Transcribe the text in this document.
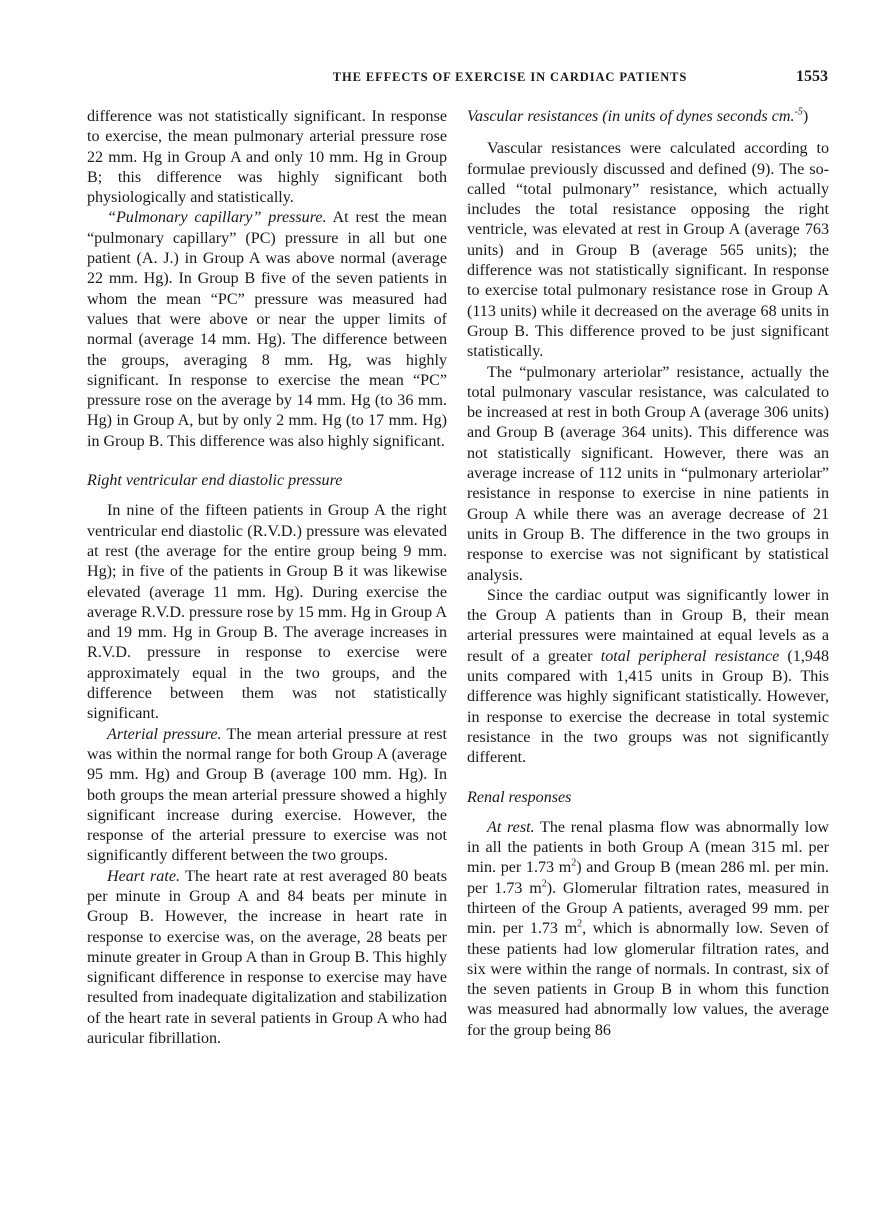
THE EFFECTS OF EXERCISE IN CARDIAC PATIENTS	1553

difference was not statistically significant. In response to exercise, the mean pulmonary arterial pressure rose 22 mm. Hg in Group A and only 10 mm. Hg in Group B; this difference was highly significant both physiologically and statistically.

“Pulmonary capillary” pressure. At rest the mean “pulmonary capillary” (PC) pressure in all but one patient (A. J.) in Group A was above normal (average 22 mm. Hg). In Group B five of the seven patients in whom the mean “PC” pressure was measured had values that were above or near the upper limits of normal (average 14 mm. Hg). The difference between the groups, averaging 8 mm. Hg, was highly significant. In response to exercise the mean “PC” pressure rose on the average by 14 mm. Hg (to 36 mm. Hg) in Group A, but by only 2 mm. Hg (to 17 mm. Hg) in Group B. This difference was also highly significant.

Right ventricular end diastolic pressure

In nine of the fifteen patients in Group A the right ventricular end diastolic (R.V.D.) pressure was elevated at rest (the average for the entire group being 9 mm. Hg); in five of the patients in Group B it was likewise elevated (average 11 mm. Hg). During exercise the average R.V.D. pressure rose by 15 mm. Hg in Group A and 19 mm. Hg in Group B. The average increases in R.V.D. pressure in response to exercise were approximately equal in the two groups, and the difference between them was not statistically significant.

Arterial pressure. The mean arterial pressure at rest was within the normal range for both Group A (average 95 mm. Hg) and Group B (average 100 mm. Hg). In both groups the mean arterial pressure showed a highly significant increase during exercise. However, the response of the arterial pressure to exercise was not significantly different between the two groups.

Heart rate. The heart rate at rest averaged 80 beats per minute in Group A and 84 beats per minute in Group B. However, the increase in heart rate in response to exercise was, on the average, 28 beats per minute greater in Group A than in Group B. This highly significant difference in response to exercise may have resulted from inadequate digitalization and stabilization of the heart rate in several patients in Group A who had auricular fibrillation.

Vascular resistances (in units of dynes seconds cm.$^{-5}$)

Vascular resistances were calculated according to formulae previously discussed and defined (9). The so-called “total pulmonary” resistance, which actually includes the total resistance opposing the right ventricle, was elevated at rest in Group A (average 763 units) and in Group B (average 565 units); the difference was not statistically significant. In response to exercise total pulmonary resistance rose in Group A (113 units) while it decreased on the average 68 units in Group B. This difference proved to be just significant statistically.

The “pulmonary arteriolar” resistance, actually the total pulmonary vascular resistance, was calculated to be increased at rest in both Group A (average 306 units) and Group B (average 364 units). This difference was not statistically significant. However, there was an average increase of 112 units in “pulmonary arteriolar” resistance in response to exercise in nine patients in Group A while there was an average decrease of 21 units in Group B. The difference in the two groups in response to exercise was not significant by statistical analysis.

Since the cardiac output was significantly lower in the Group A patients than in Group B, their mean arterial pressures were maintained at equal levels as a result of a greater total peripheral resistance (1,948 units compared with 1,415 units in Group B). This difference was highly significant statistically. However, in response to exercise the decrease in total systemic resistance in the two groups was not significantly different.

Renal responses

At rest. The renal plasma flow was abnormally low in all the patients in both Group A (mean 315 ml. per min. per 1.73 $m^2$) and Group B (mean 286 ml. per min. per 1.73 $m^2$). Glomerular filtration rates, measured in thirteen of the Group A patients, averaged 99 mm. per min. per 1.73 $m^2$, which is abnormally low. Seven of these patients had low glomerular filtration rates, and six were within the range of normals. In contrast, six of the seven patients in Group B in whom this function was measured had abnormally low values, the average for the group being 86
